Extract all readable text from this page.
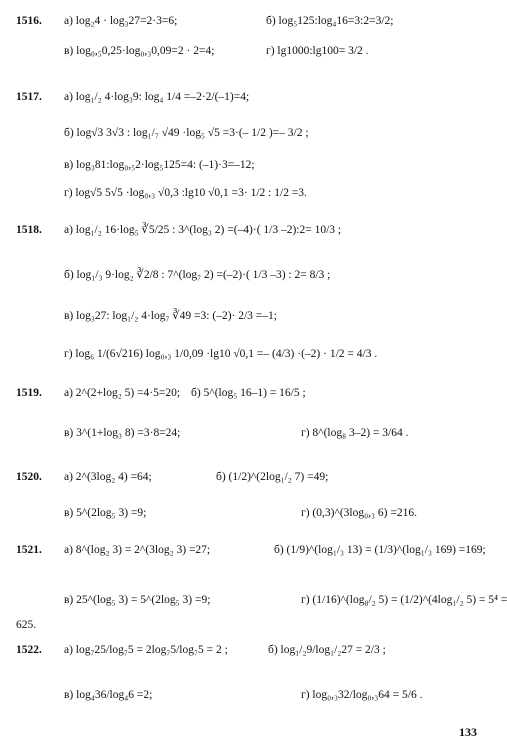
1516. а) log₂4 · log₃27=2·3=6;	б) log₅125:log₄16=3:2=3/2;
в) log₀,₅0,25·log₀,₃0,09=2 · 2=4;	г) lg1000:lg100= 3/2 .
1517. а) log₁/₂ 4·log₃9: log₄ 1/4 =–2·2/(–1)=4;
б) log√3 3√3 : log₁/₇ √49 ·log₅ √5 =3·(– 1/2 )=– 3/2 ;
в) log₃81:log₀,₅2·log₅125=4: (–1)·3=–12;
г) log√5 5√5 ·log₀,₃ √0,3 :lg10 √0,1 =3· 1/2 : 1/2 =3.
1518. а) log₁/₂ 16·log₅ ∛5/25 : 3^(log₃ 2) =(–4)·( 1/3 –2):2= 10/3 ;
б) log₁/₃ 9·log₂ ∛2/8 : 7^(log₇ 2) =(–2)·( 1/3 –3) : 2= 8/3 ;
в) log₃27: log₁/₂ 4·log₇ ∛49 =3: (–2)· 2/3 =–1;
г) log₆ 1/(6√216) log₀,₃ 1/0,09 ·lg10 √0,1 =– (4/3) ·(–2) · 1/2 = 4/3 .
1519. а) 2^(2+log₂ 5) =4·5=20; б) 5^(log₅ 16–1) = 16/5 ;
в) 3^(1+log₃ 8) =3·8=24;	г) 8^(log₈ 3–2) = 3/64 .
1520. а) 2^(3log₂ 4) =64;	б) (1/2)^(2log₁/₂ 7) =49;
в) 5^(2log₅ 3) =9;	г) (0,3)^(3log₀,₃ 6) =216.
1521. а) 8^(log₂ 3) = 2^(3log₂ 3) =27;	б) (1/9)^(log₁/₃ 13) = (1/3)^(log₁/₃ 169) =169;
в) 25^(log₅ 3) = 5^(2log₅ 3) =9;	г) (1/16)^(log₈/₂ 5) = (1/2)^(4log₁/₂ 5) = 5⁴ =
625.
1522. а) log₇25/log₇5 = 2log₇5/log₇5 = 2 ;	б) log₁/₂9/log₁/₂27 = 2/3 ;
в) log₄36/log₄6 =2;	г) log₀,₃32/log₀,₃64 = 5/6 .
133
